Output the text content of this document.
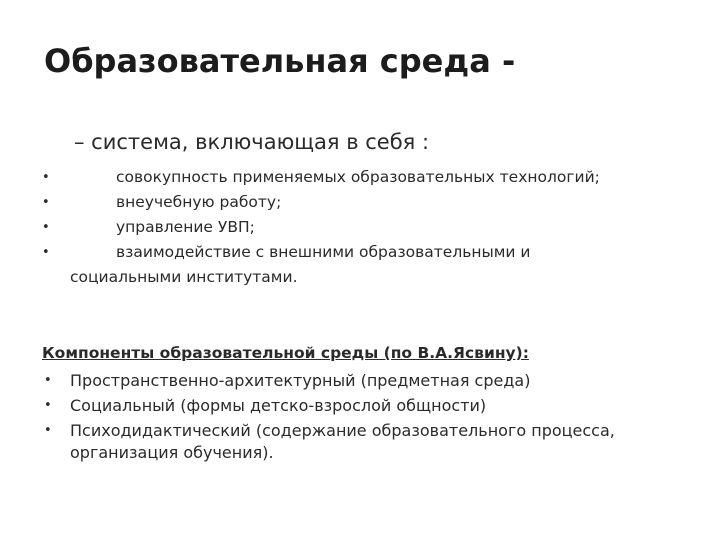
Образовательная среда -
– система, включающая в себя :
•	совокупность применяемых образовательных технологий;
•	внеучебную работу;
•	управление УВП;
•	взаимодействие с внешними образовательными и социальными институтами.
Компоненты образовательной среды (по В.А.Ясвину):
• Пространственно-архитектурный (предметная среда)
• Социальный (формы детско-взрослой общности)
• Психодидактический (содержание образовательного процесса, организация обучения).
